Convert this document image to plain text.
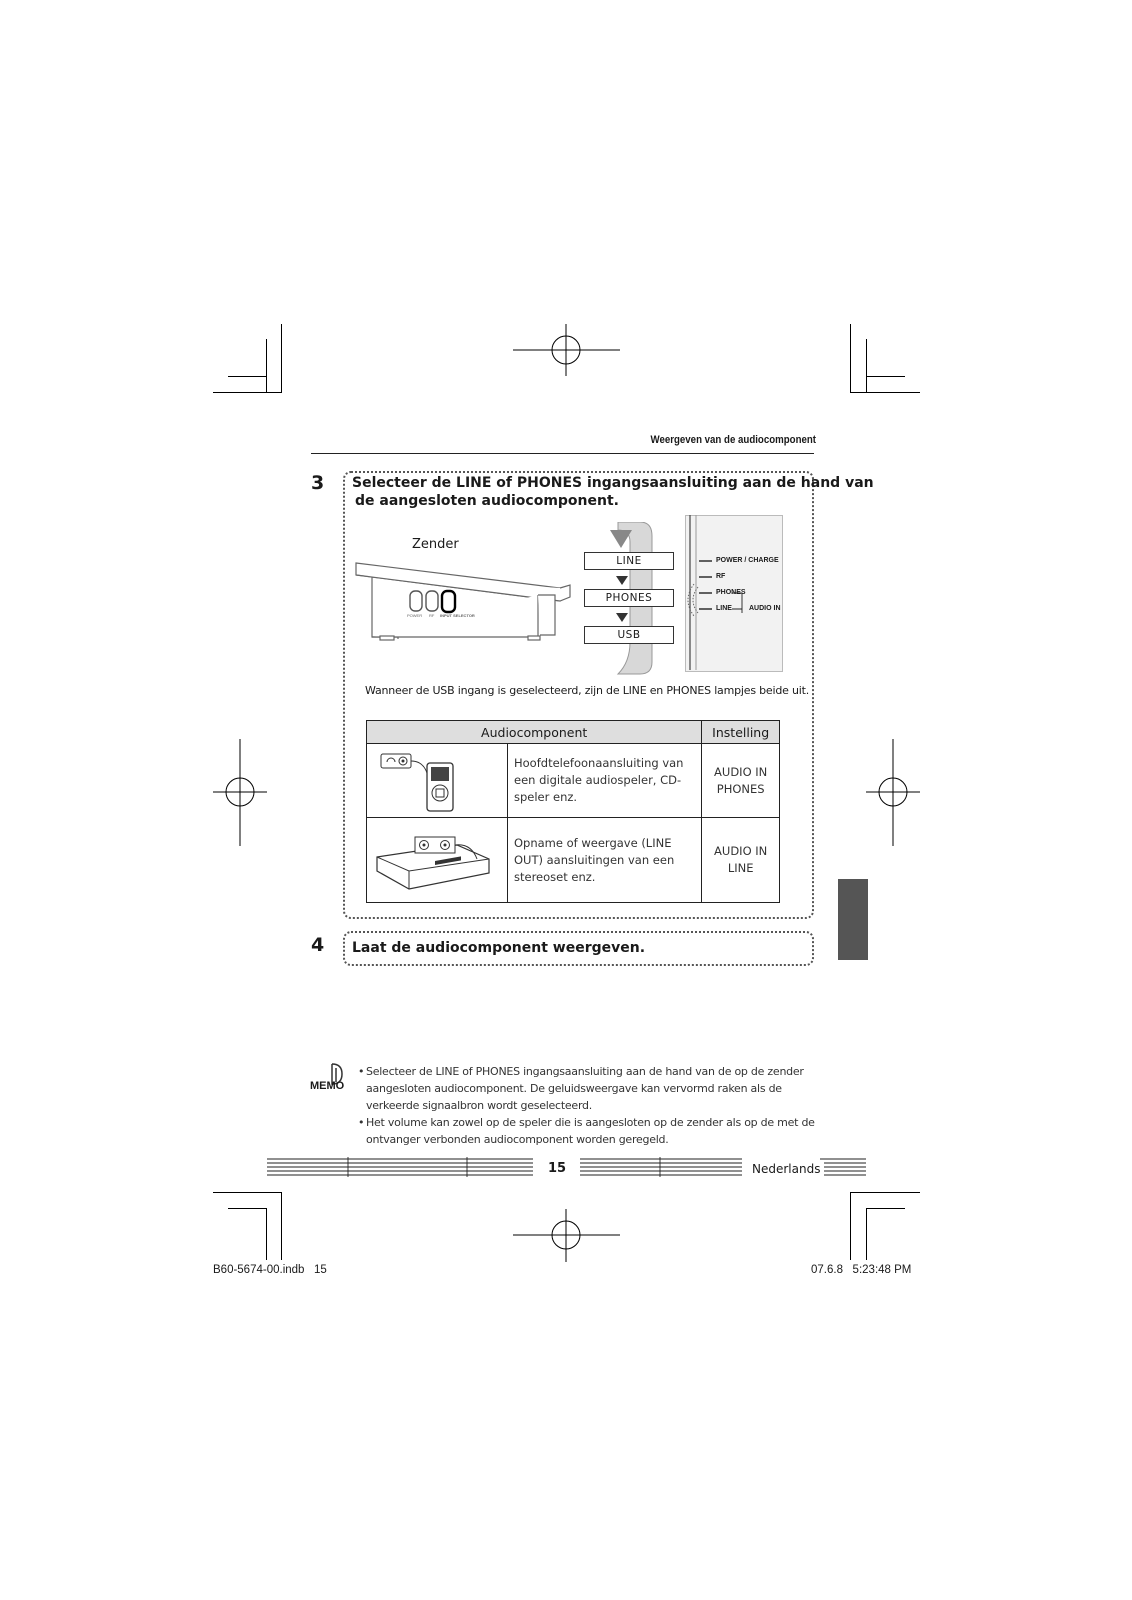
Weergeven van de audiocomponent
3 Selecteer de LINE of PHONES ingangsaansluiting aan de hand van
de aangesloten audiocomponent.
Zender
POWER RF INPUT SELECTOR
LINE
PHONES
USB
POWER / CHARGE
RF
PHONES
LINE AUDIO IN
Wanneer de USB ingang is geselecteerd, zijn de LINE en PHONES lampjes beide uit.
Audiocomponent		Instelling

	Hoofdtelefoonaansluiting van een digitale audiospeler, CD-speler enz.	AUDIO IN
PHONES

	Opname of weergave (LINE OUT) aansluitingen van een stereoset enz.	AUDIO IN
LINE
4 Laat de audiocomponent weergeven.
MEMO
• Selecteer de LINE of PHONES ingangsaansluiting aan de hand van de op de zender aangesloten audiocomponent. De geluidsweergave kan vervormd raken als de verkeerde signaalbron wordt geselecteerd.
• Het volume kan zowel op de speler die is aangesloten op de zender als op de met de ontvanger verbonden audiocomponent worden geregeld.
15	Nederlands
B60-5674-00.indb   15	07.6.8   5:23:48 PM
